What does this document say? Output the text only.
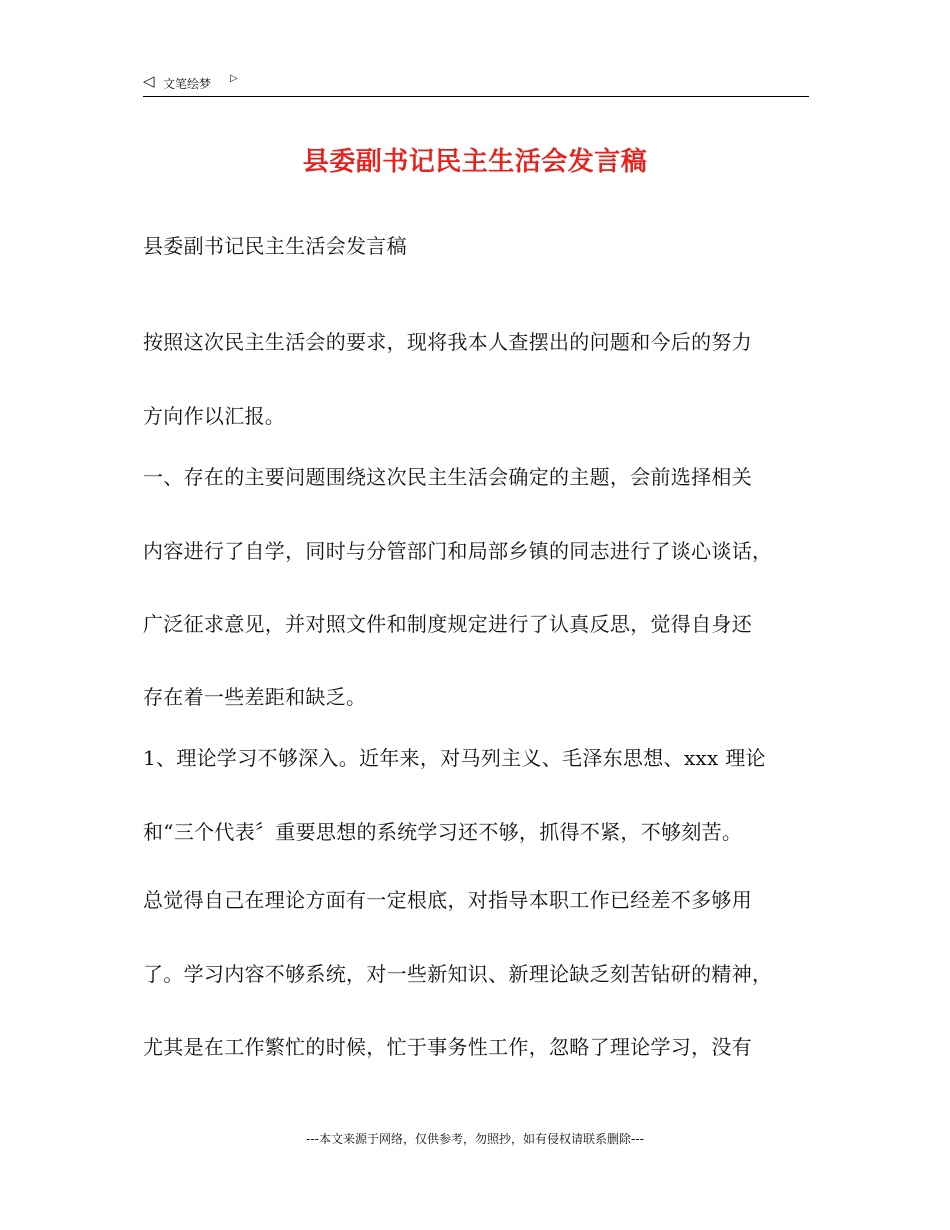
◁ 文笔绘梦 ▷
县委副书记民主生活会发言稿
县委副书记民主生活会发言稿
按照这次民主生活会的要求，现将我本人查摆出的问题和今后的努力
方向作以汇报。
一、存在的主要问题围绕这次民主生活会确定的主题，会前选择相关
内容进行了自学，同时与分管部门和局部乡镇的同志进行了谈心谈话，
广泛征求意见，并对照文件和制度规定进行了认真反思，觉得自身还
存在着一些差距和缺乏。
1、理论学习不够深入。近年来，对马列主义、毛泽东思想、xxx 理论
和“三个代表〞重要思想的系统学习还不够，抓得不紧，不够刻苦。
总觉得自己在理论方面有一定根底，对指导本职工作已经差不多够用
了。学习内容不够系统，对一些新知识、新理论缺乏刻苦钻研的精神，
尤其是在工作繁忙的时候，忙于事务性工作，忽略了理论学习，没有
---本文来源于网络，仅供参考，勿照抄，如有侵权请联系删除---
